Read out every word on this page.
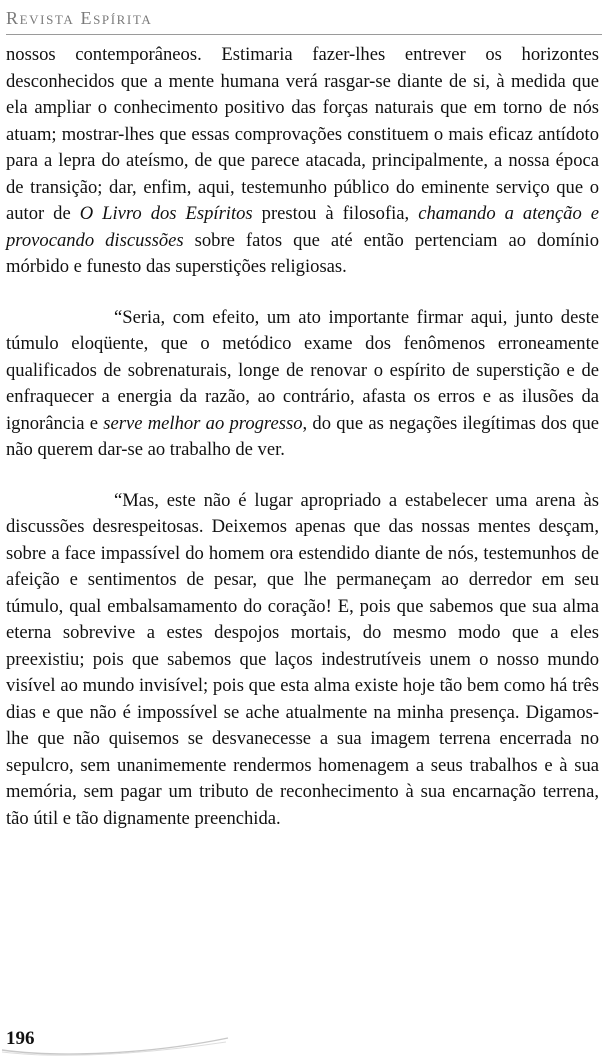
Revista Espírita

nossos contemporâneos. Estimaria fazer-lhes entrever os horizontes desconhecidos que a mente humana verá rasgar-se diante de si, à medida que ela ampliar o conhecimento positivo das forças naturais que em torno de nós atuam; mostrar-lhes que essas comprovações constituem o mais eficaz antídoto para a lepra do ateísmo, de que parece atacada, principalmente, a nossa época de transição; dar, enfim, aqui, testemunho público do eminente serviço que o autor de O Livro dos Espíritos prestou à filosofia, chamando a atenção e provocando discussões sobre fatos que até então pertenciam ao domínio mórbido e funesto das superstições religiosas.

“Seria, com efeito, um ato importante firmar aqui, junto deste túmulo eloqüente, que o metódico exame dos fenômenos erroneamente qualificados de sobrenaturais, longe de renovar o espírito de superstição e de enfraquecer a energia da razão, ao contrário, afasta os erros e as ilusões da ignorância e serve melhor ao progresso, do que as negações ilegítimas dos que não querem dar-se ao trabalho de ver.

“Mas, este não é lugar apropriado a estabelecer uma arena às discussões desrespeitosas. Deixemos apenas que das nossas mentes desçam, sobre a face impassível do homem ora estendido diante de nós, testemunhos de afeição e sentimentos de pesar, que lhe permaneçam ao derredor em seu túmulo, qual embalsamamento do coração! E, pois que sabemos que sua alma eterna sobrevive a estes despojos mortais, do mesmo modo que a eles preexistiu; pois que sabemos que laços indestrutíveis unem o nosso mundo visível ao mundo invisível; pois que esta alma existe hoje tão bem como há três dias e que não é impossível se ache atualmente na minha presença. Digamos-lhe que não quisemos se desvanecesse a sua imagem terrena encerrada no sepulcro, sem unanimemente rendermos homenagem a seus trabalhos e à sua memória, sem pagar um tributo de reconhecimento à sua encarnação terrena, tão útil e tão dignamente preenchida.

196
